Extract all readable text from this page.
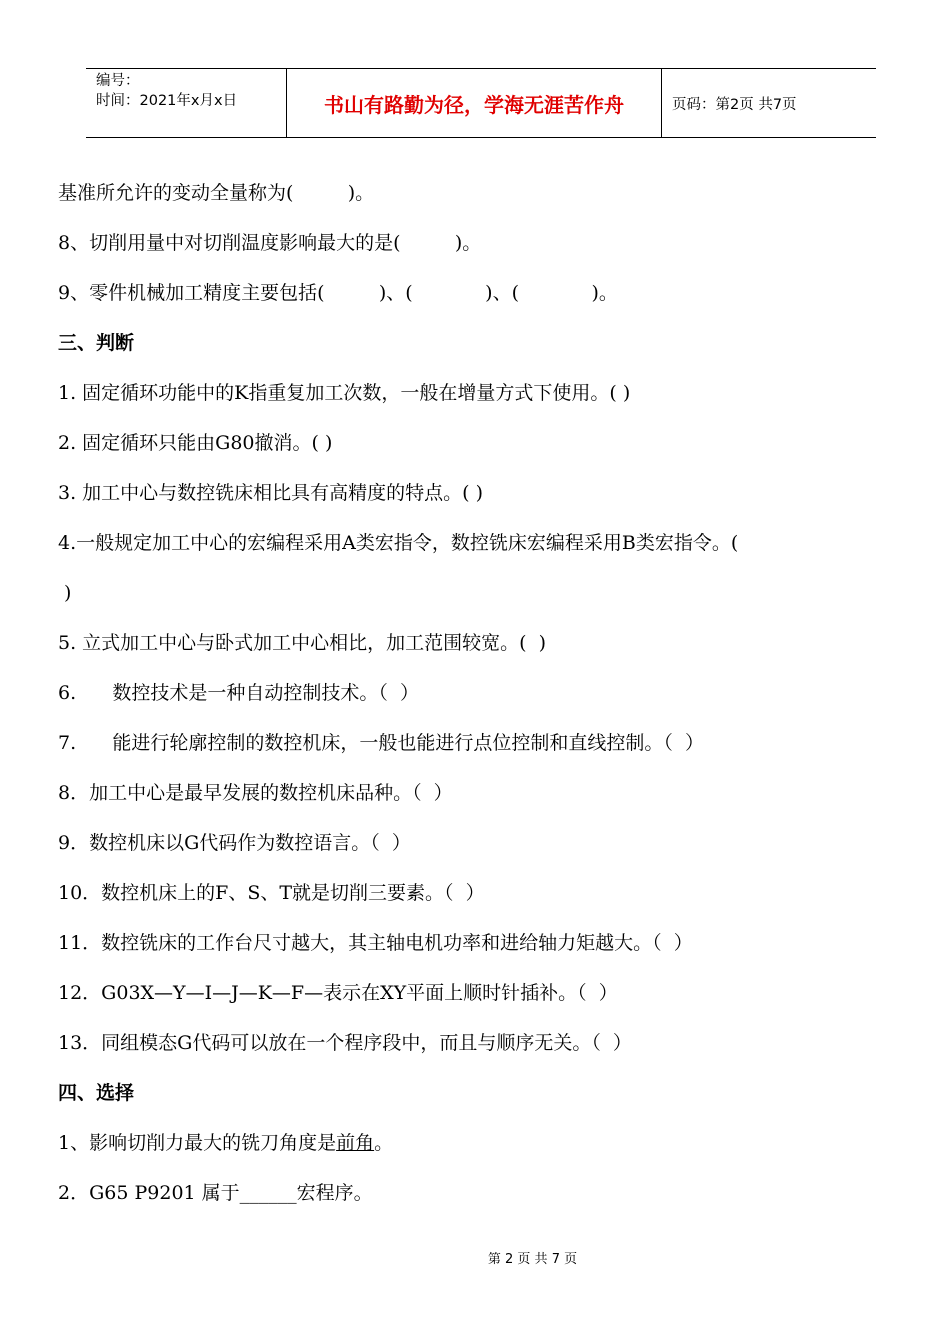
编号：
时间：2021年x月x日	书山有路勤为径，学海无涯苦作舟	页码：第2页 共7页
基准所允许的变动全量称为(         )。
8、切削用量中对切削温度影响最大的是(         )。
9、零件机械加工精度主要包括(         )、(            )、(            )。
三、判断
1. 固定循环功能中的K指重复加工次数，一般在增量方式下使用。( )
2. 固定循环只能由G80撤消。( )
3. 加工中心与数控铣床相比具有高精度的特点。( )
4.一般规定加工中心的宏编程采用A类宏指令，数控铣床宏编程采用B类宏指令。(
)
5. 立式加工中心与卧式加工中心相比，加工范围较宽。(  )
6.      数控技术是一种自动控制技术。（  ）
7.      能进行轮廓控制的数控机床，一般也能进行点位控制和直线控制。（  ）
8．加工中心是最早发展的数控机床品种。（  ）
9．数控机床以G代码作为数控语言。（  ）
10．数控机床上的F、S、T就是切削三要素。（  ）
11．数控铣床的工作台尺寸越大，其主轴电机功率和进给轴力矩越大。（  ）
12．G03X—Y—I—J—K—F—表示在XY平面上顺时针插补。（  ）
13．同组模态G代码可以放在一个程序段中，而且与顺序无关。（  ）
四、选择
1、影响切削力最大的铣刀角度是前角。
2．G65 P9201 属于______宏程序。
第 2 页 共 7 页
